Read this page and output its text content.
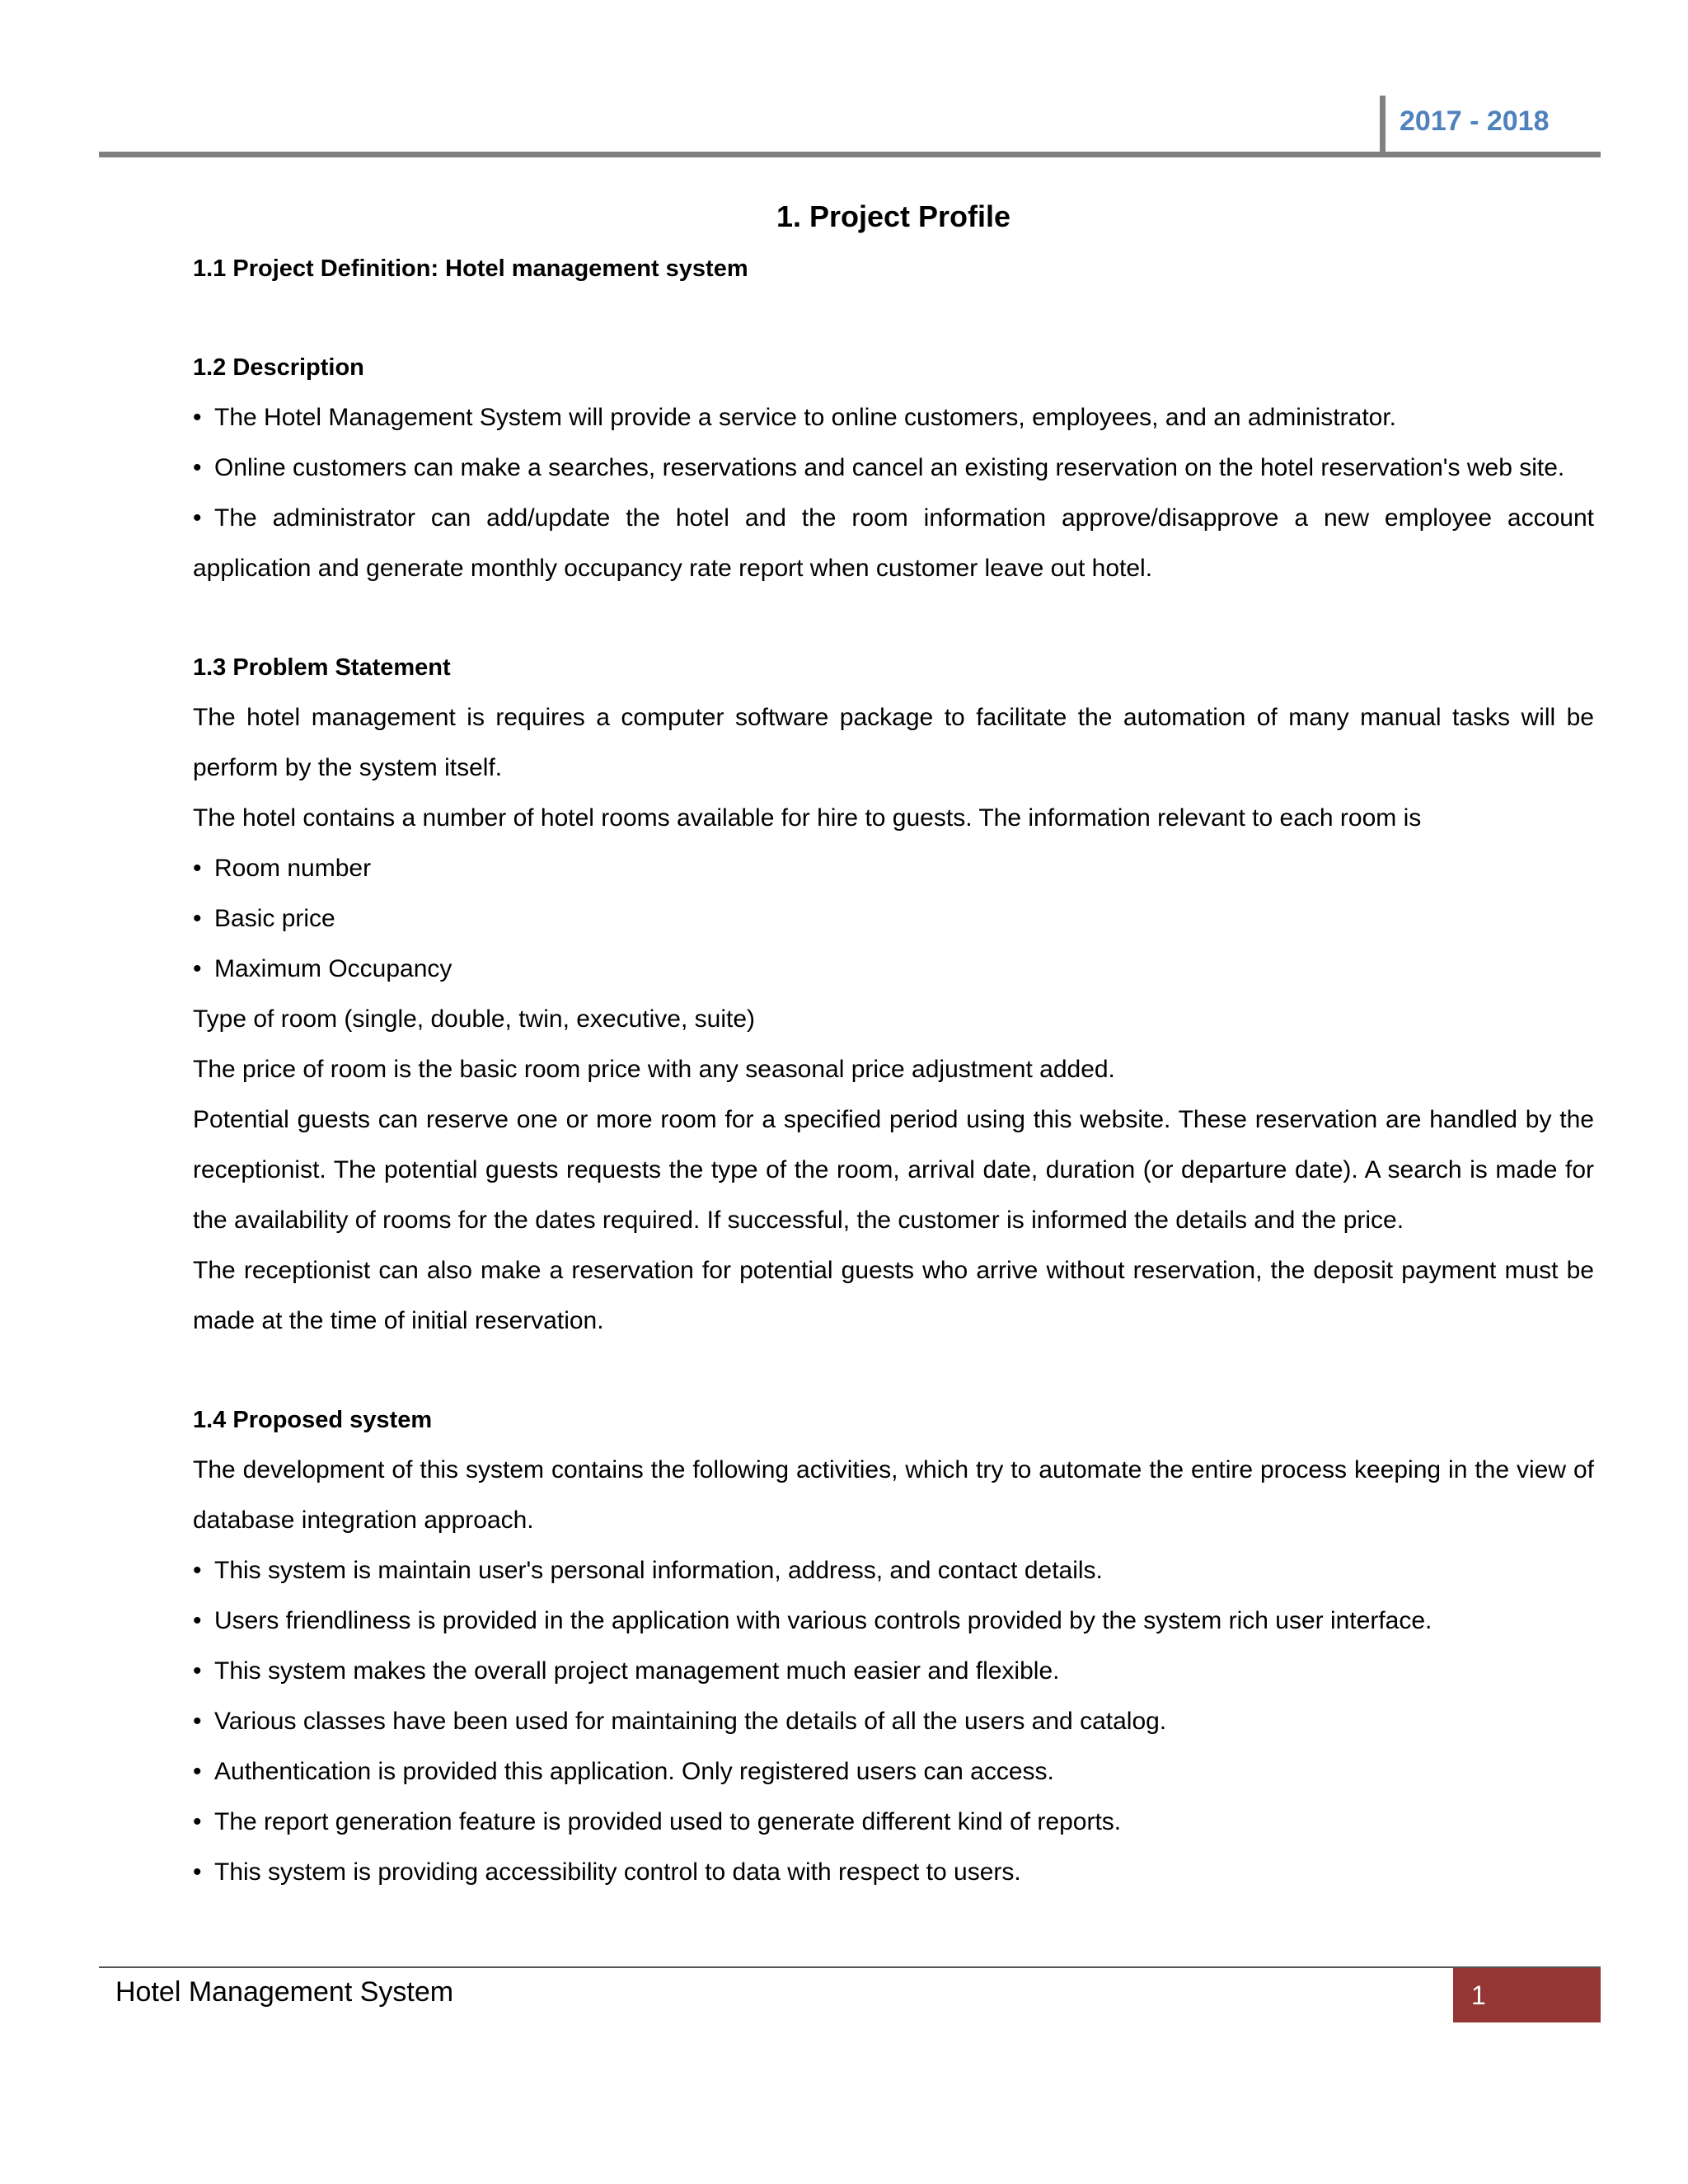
2017 - 2018
1. Project Profile
1.1 Project Definition: Hotel management system
1.2 Description
• The Hotel Management System will provide a service to online customers, employees, and an administrator.
• Online customers can make a searches, reservations and cancel an existing reservation on the hotel reservation's web site.
• The administrator can add/update the hotel and the room information approve/disapprove a new employee account application and generate monthly occupancy rate report when customer leave out hotel.
1.3 Problem Statement

The hotel management is requires a computer software package to facilitate the automation of many manual tasks will be perform by the system itself.

The hotel contains a number of hotel rooms available for hire to guests. The information relevant to each room is

• Room number
• Basic price
• Maximum Occupancy

Type of room (single, double, twin, executive, suite)

The price of room is the basic room price with any seasonal price adjustment added.

Potential guests can reserve one or more room for a specified period using this website. These reservation are handled by the receptionist. The potential guests requests the type of the room, arrival date, duration (or departure date). A search is made for the availability of rooms for the dates required. If successful, the customer is informed the details and the price.

The receptionist can also make a reservation for potential guests who arrive without reservation, the deposit payment must be made at the time of initial reservation.

1.4 Proposed system

The development of this system contains the following activities, which try to automate the entire process keeping in the view of database integration approach.

• This system is maintain user's personal information, address, and contact details.
• Users friendliness is provided in the application with various controls provided by the system rich user interface.
• This system makes the overall project management much easier and flexible.
• Various classes have been used for maintaining the details of all the users and catalog.
• Authentication is provided this application. Only registered users can access.
• The report generation feature is provided used to generate different kind of reports.
• This system is providing accessibility control to data with respect to users.
Hotel Management System	1
